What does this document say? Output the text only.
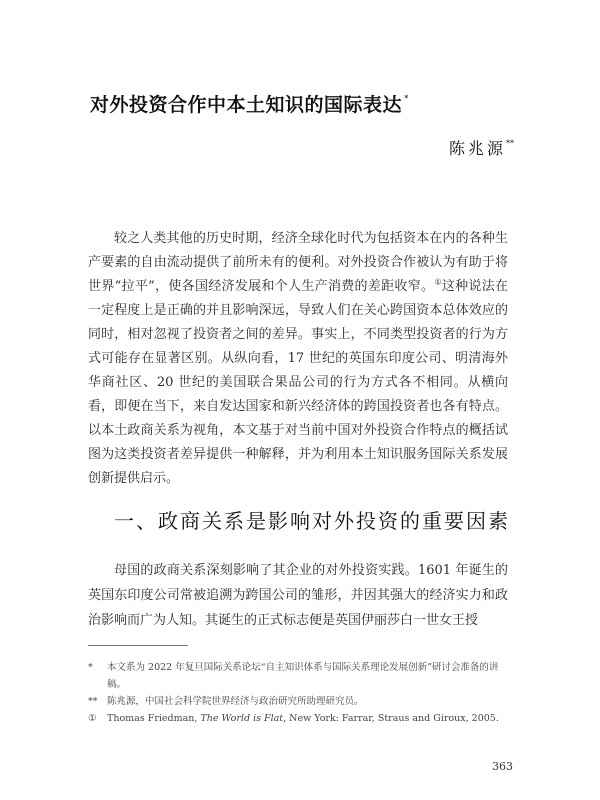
对外投资合作中本土知识的国际表达 *
陈兆源**

较之人类其他的历史时期，经济全球化时代为包括资本在内的各种生产要素的自由流动提供了前所未有的便利。对外投资合作被认为有助于将世界“拉平”，使各国经济发展和个人生产消费的差距收窄。①这种说法在一定程度上是正确的并且影响深远，导致人们在关心跨国资本总体效应的同时，相对忽视了投资者之间的差异。事实上，不同类型投资者的行为方式可能存在显著区别。从纵向看，17 世纪的英国东印度公司、明清海外华商社区、20 世纪的美国联合果品公司的行为方式各不相同。从横向看，即便在当下，来自发达国家和新兴经济体的跨国投资者也各有特点。以本土政商关系为视角，本文基于对当前中国对外投资合作特点的概括试图为这类投资者差异提供一种解释，并为利用本土知识服务国际关系发展创新提供启示。

一、政商关系是影响对外投资的重要因素

母国的政商关系深刻影响了其企业的对外投资实践。1601 年诞生的英国东印度公司常被追溯为跨国公司的雏形，并因其强大的经济实力和政治影响而广为人知。其诞生的正式标志便是英国伊丽莎白一世女王授

* 本文系为 2022 年复旦国际关系论坛“自主知识体系与国际关系理论发展创新”研讨会准备的讲稿。

** 陈兆源，中国社会科学院世界经济与政治研究所助理研究员。

① Thomas Friedman, The World is Flat, New York: Farrar, Straus and Giroux, 2005.

363
